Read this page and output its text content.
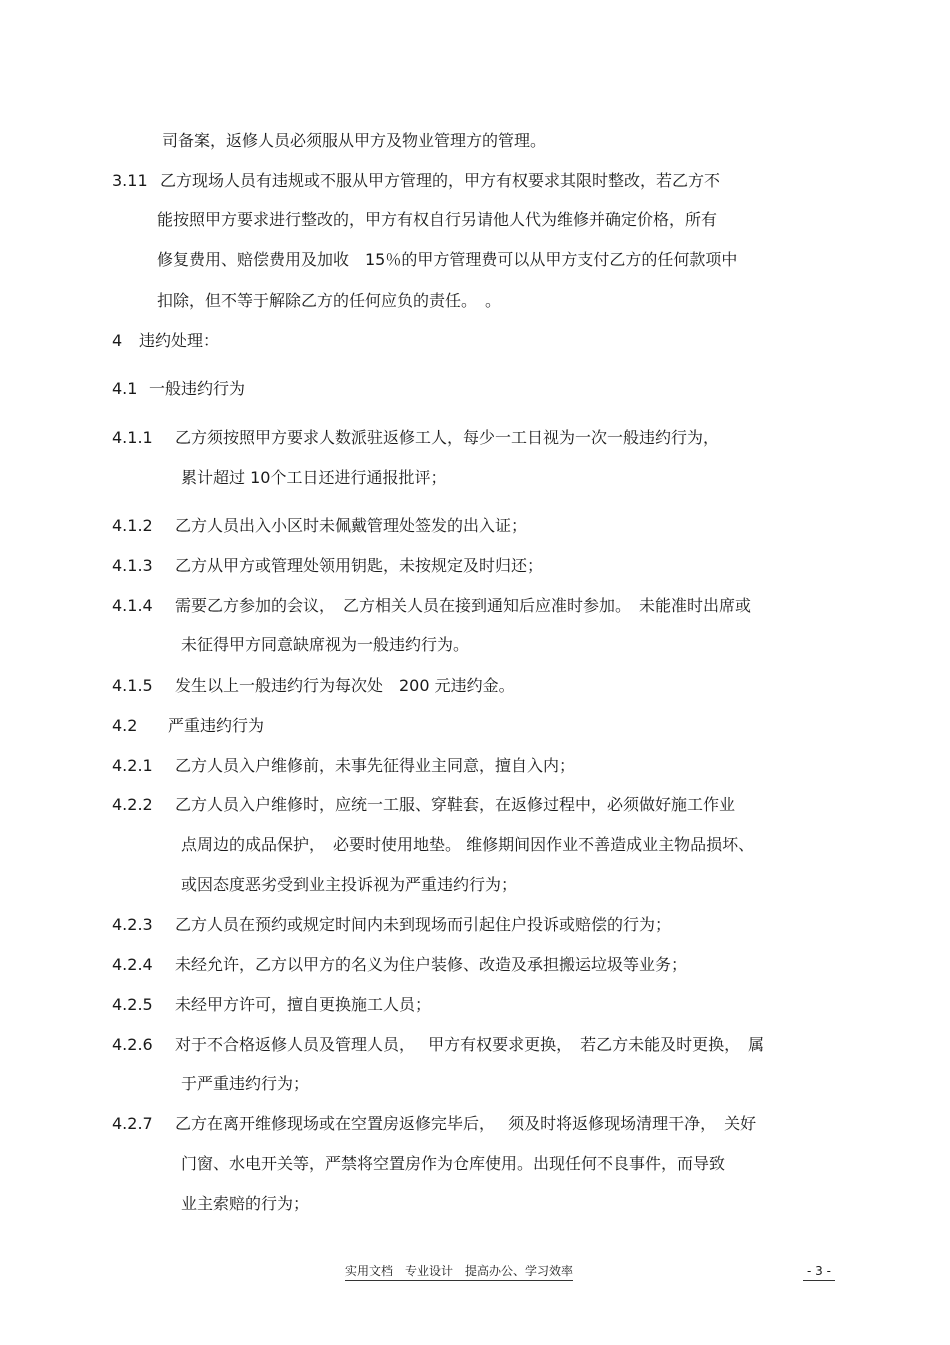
司备案，返修人员必须服从甲方及物业管理方的管理。
3.11 乙方现场人员有违规或不服从甲方管理的，甲方有权要求其限时整改，若乙方不
能按照甲方要求进行整改的，甲方有权自行另请他人代为维修并确定价格，所有
修复费用、赔偿费用及加收　15％的甲方管理费可以从甲方支付乙方的任何款项中
扣除，但不等于解除乙方的任何应负的责任。　。
4 违约处理：
4.1 一般违约行为
4.1.1 乙方须按照甲方要求人数派驻返修工人，每少一工日视为一次一般违约行为，
累计超过 10个工日还进行通报批评；
4.1.2 乙方人员出入小区时未佩戴管理处签发的出入证；
4.1.3 乙方从甲方或管理处领用钥匙，未按规定及时归还；
4.1.4 需要乙方参加的会议，　乙方相关人员在接到通知后应准时参加。　未能准时出席或
未征得甲方同意缺席视为一般违约行为。
4.1.5 发生以上一般违约行为每次处　200 元违约金。
4.2 严重违约行为
4.2.1 乙方人员入户维修前，未事先征得业主同意，擅自入内；
4.2.2 乙方人员入户维修时，应统一工服、穿鞋套，在返修过程中，必须做好施工作业
点周边的成品保护，　必要时使用地垫。 维修期间因作业不善造成业主物品损坏、
或因态度恶劣受到业主投诉视为严重违约行为；
4.2.3 乙方人员在预约或规定时间内未到现场而引起住户投诉或赔偿的行为；
4.2.4 未经允许，乙方以甲方的名义为住户装修、改造及承担搬运垃圾等业务；
4.2.5 未经甲方许可，擅自更换施工人员；
4.2.6 对于不合格返修人员及管理人员，　 甲方有权要求更换，　若乙方未能及时更换，　属
于严重违约行为；
4.2.7 乙方在离开维修现场或在空置房返修完毕后，　 须及时将返修现场清理干净，　关好
门窗、水电开关等，严禁将空置房作为仓库使用。出现任何不良事件，而导致
业主索赔的行为；
实用文档　专业设计　提高办公、学习效率	- 3 -
